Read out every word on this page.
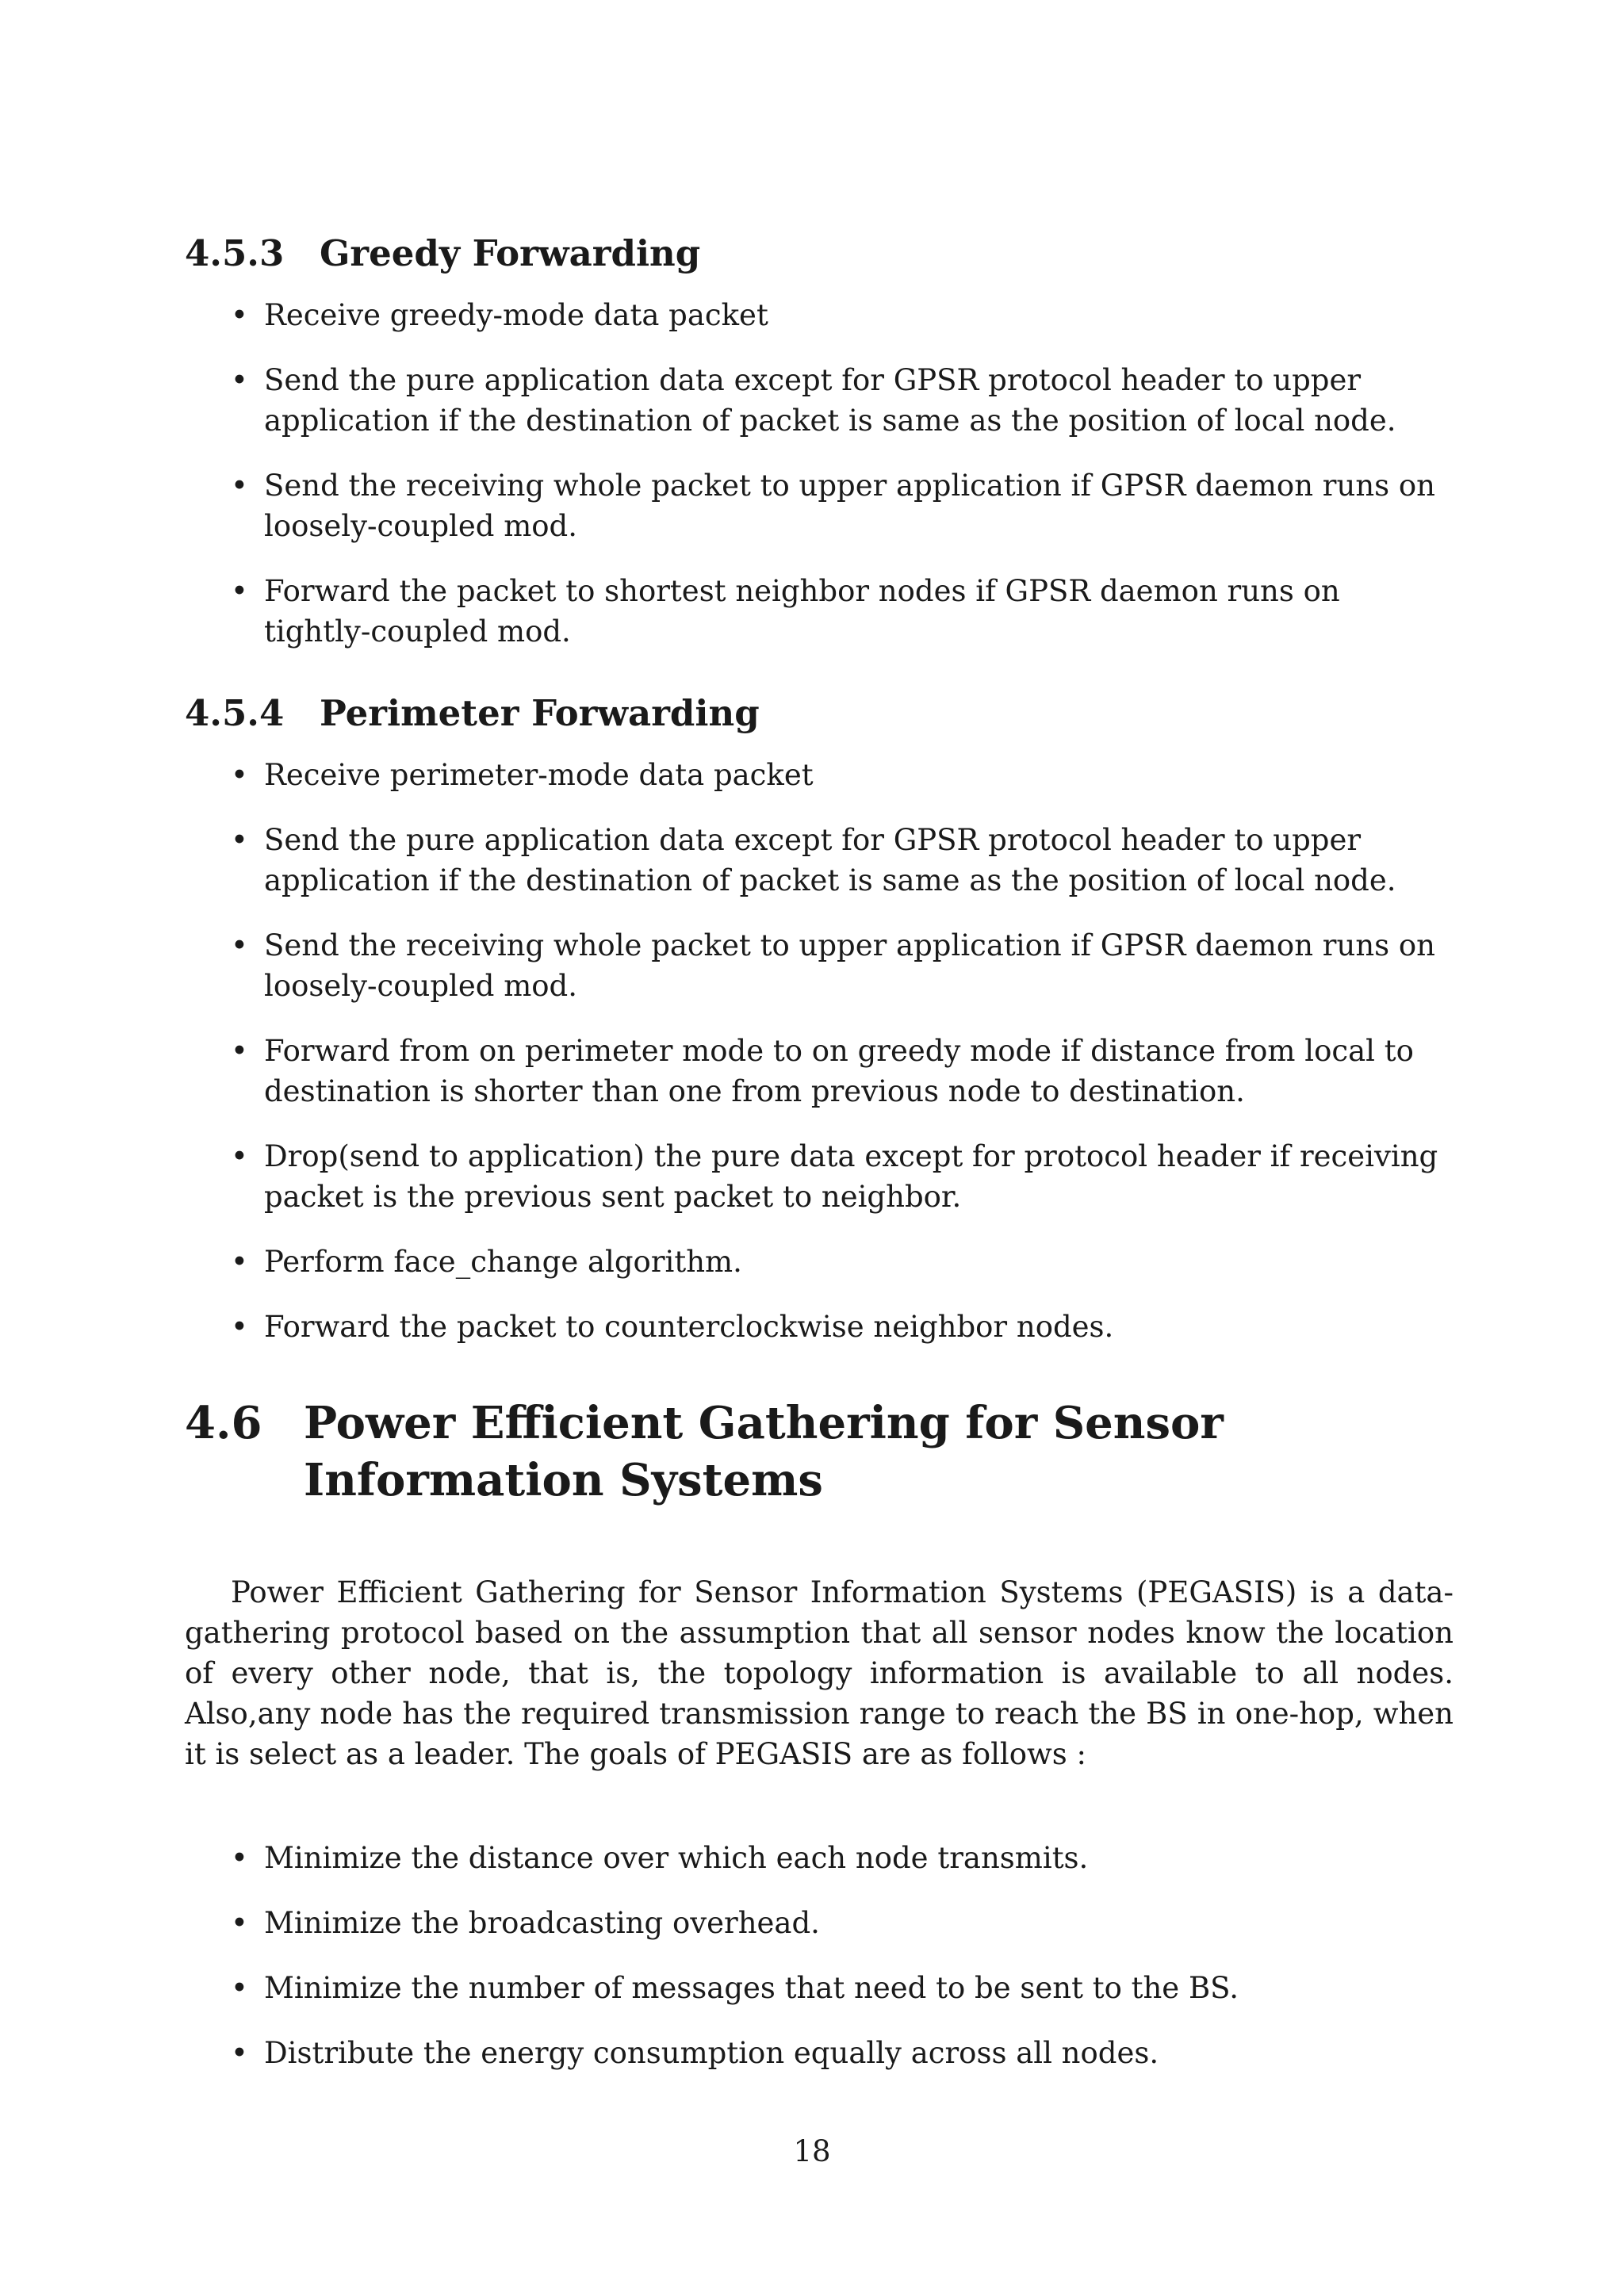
4.5.3 Greedy Forwarding
• Receive greedy-mode data packet
• Send the pure application data except for GPSR protocol header to upper application if the destination of packet is same as the position of local node.
• Send the receiving whole packet to upper application if GPSR daemon runs on loosely-coupled mod.
• Forward the packet to shortest neighbor nodes if GPSR daemon runs on tightly-coupled mod.
4.5.4 Perimeter Forwarding
• Receive perimeter-mode data packet
• Send the pure application data except for GPSR protocol header to upper application if the destination of packet is same as the position of local node.
• Send the receiving whole packet to upper application if GPSR daemon runs on loosely-coupled mod.
• Forward from on perimeter mode to on greedy mode if distance from local to destination is shorter than one from previous node to destination.
• Drop(send to application) the pure data except for protocol header if receiving packet is the previous sent packet to neighbor.
• Perform face_change algorithm.
• Forward the packet to counterclockwise neighbor nodes.
4.6 Power Efficient Gathering for Sensor Information Systems

Power Efficient Gathering for Sensor Information Systems (PEGASIS) is a data-gathering protocol based on the assumption that all sensor nodes know the location of every other node, that is, the topology information is available to all nodes. Also,any node has the required transmission range to reach the BS in one-hop, when it is select as a leader. The goals of PEGASIS are as follows :

• Minimize the distance over which each node transmits.
• Minimize the broadcasting overhead.
• Minimize the number of messages that need to be sent to the BS.
• Distribute the energy consumption equally across all nodes.
18
